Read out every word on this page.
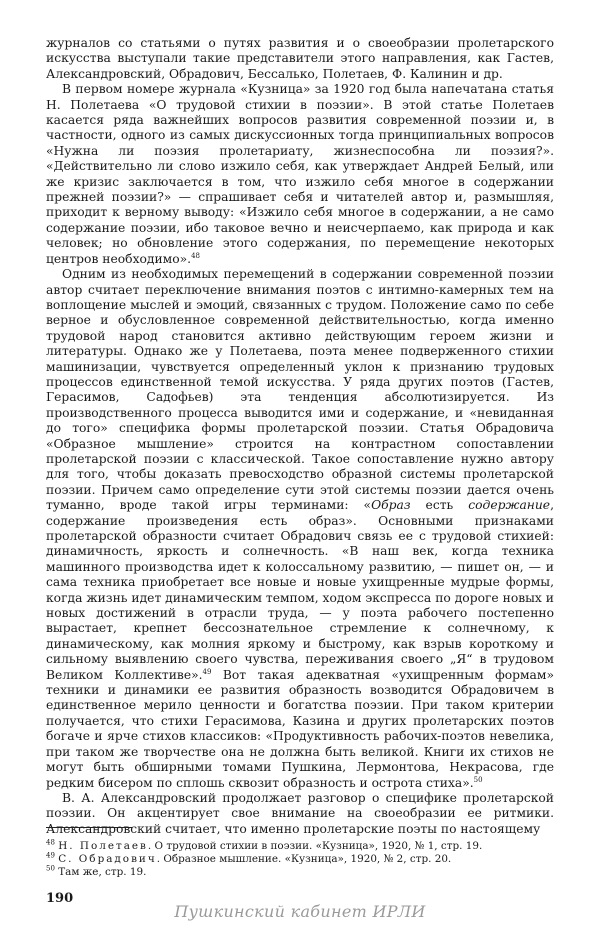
журналов со статьями о путях развития и о своеобразии пролетарского искусства выступали такие представители этого направления, как Гастев, Александровский, Обрадович, Бессалько, Полетаев, Ф. Калинин и др.

В первом номере журнала «Кузница» за 1920 год была напечатана статья Н. Полетаева «О трудовой стихии в поэзии». В этой статье Полетаев касается ряда важнейших вопросов развития современной поэзии и, в частности, одного из самых дискуссионных тогда принципиальных вопросов «Нужна ли поэзия пролетариату, жизнеспособна ли поэзия?». «Действительно ли слово изжило себя, как утверждает Андрей Белый, или же кризис заключается в том, что изжило себя многое в содержании прежней поэзии?» — спрашивает себя и читателей автор и, размышляя, приходит к верному выводу: «Изжило себя многое в содержании, а не само содержание поэзии, ибо таковое вечно и неисчерпаемо, как природа и как человек; но обновление этого содержания, по перемещение некоторых центров необходимо».$^{48}$

Одним из необходимых перемещений в содержании современной поэзии автор считает переключение внимания поэтов с интимно-камерных тем на воплощение мыслей и эмоций, связанных с трудом. Положение само по себе верное и обусловленное современной действительностью, когда именно трудовой народ становится активно действующим героем жизни и литературы. Однако же у Полетаева, поэта менее подверженного стихии машинизации, чувствуется определенный уклон к признанию трудовых процессов единственной темой искусства. У ряда других поэтов (Гастев, Герасимов, Садофьев) эта тенденция абсолютизируется. Из производственного процесса выводится ими и содержание, и «невиданная до того» специфика формы пролетарской поэзии. Статья Обрадовича «Образное мышление» строится на контрастном сопоставлении пролетарской поэзии с классической. Такое сопоставление нужно автору для того, чтобы доказать превосходство образной системы пролетарской поэзии. Причем само определение сути этой системы поэзии дается очень туманно, вроде такой игры терминами: «Образ есть содержание, содержание произведения есть образ». Основными признаками пролетарской образности считает Обрадович связь ее с трудовой стихией: динамичность, яркость и солнечность. «В наш век, когда техника машинного производства идет к колоссальному развитию, — пишет он, — и сама техника приобретает все новые и новые ухищренные мудрые формы, когда жизнь идет динамическим темпом, ходом экспресса по дороге новых и новых достижений в отрасли труда, — у поэта рабочего постепенно вырастает, крепнет бессознательное стремление к солнечному, к динамическому, как молния яркому и быстрому, как взрыв короткому и сильному выявлению своего чувства, переживания своего „Я“ в трудовом Великом Коллективе».$^{49}$ Вот такая адекватная «ухищренным формам» техники и динамики ее развития образность возводится Обрадовичем в единственное мерило ценности и богатства поэзии. При таком критерии получается, что стихи Герасимова, Казина и других пролетарских поэтов богаче и ярче стихов классиков: «Продуктивность рабочих-поэтов невелика, при таком же творчестве она не должна быть великой. Книги их стихов не могут быть обширными томами Пушкина, Лермонтова, Некрасова, где редким бисером по сплошь сквозит образность и острота стиха».$^{50}$

В. А. Александровский продолжает разговор о специфике пролетарской поэзии. Он акцентирует свое внимание на своеобразии ее ритмики. Александровский считает, что именно пролетарские поэты по настоящему

$^{48}$ Н. Полетаев. О трудовой стихии в поэзии. «Кузница», 1920, № 1, стр. 19.
$^{49}$ С. Обрадович. Образное мышление. «Кузница», 1920, № 2, стр. 20.
$^{50}$ Там же, стр. 19.
190
Пушкинский кабинет ИРЛИ
